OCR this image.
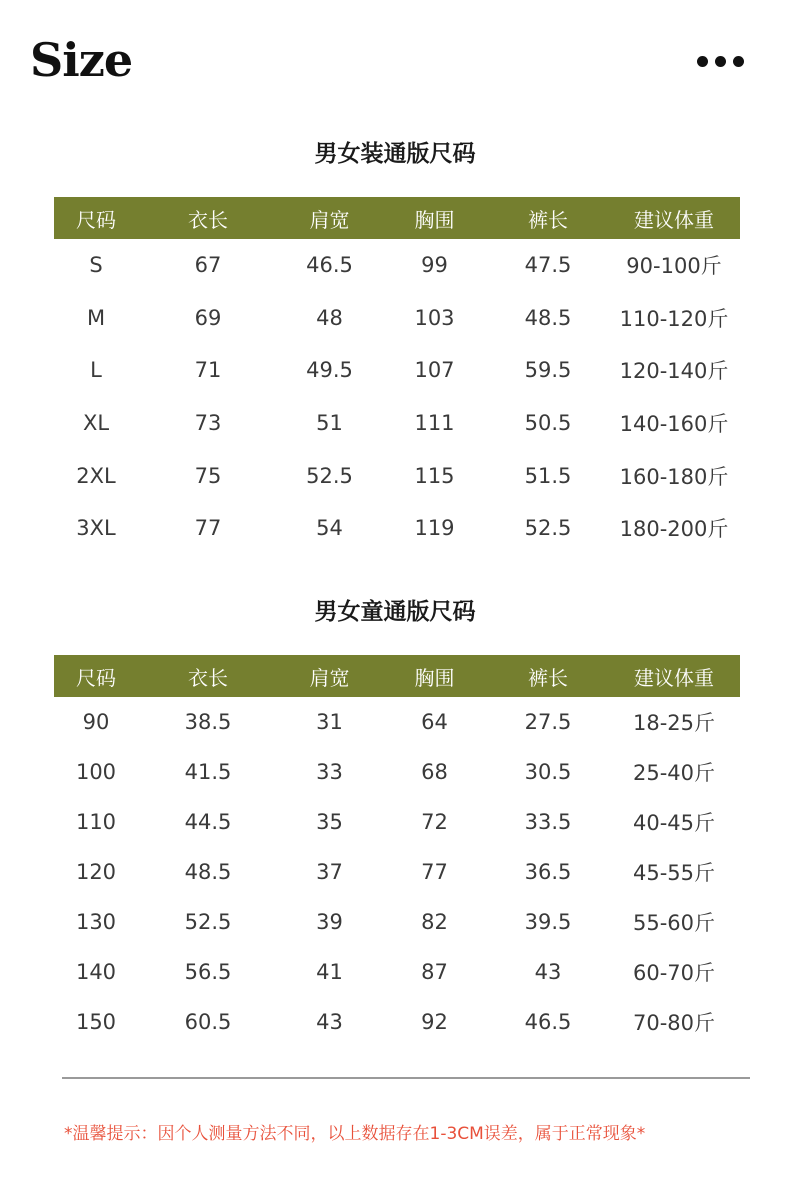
Size
男女装通版尺码
尺码	衣长	肩宽	胸围	裤长	建议体重
S	67	46.5	99	47.5	90-100斤
M	69	48	103	48.5	110-120斤
L	71	49.5	107	59.5	120-140斤
XL	73	51	111	50.5	140-160斤
2XL	75	52.5	115	51.5	160-180斤
3XL	77	54	119	52.5	180-200斤
男女童通版尺码
尺码	衣长	肩宽	胸围	裤长	建议体重
90	38.5	31	64	27.5	18-25斤
100	41.5	33	68	30.5	25-40斤
110	44.5	35	72	33.5	40-45斤
120	48.5	37	77	36.5	45-55斤
130	52.5	39	82	39.5	55-60斤
140	56.5	41	87	43	60-70斤
150	60.5	43	92	46.5	70-80斤
*温馨提示：因个人测量方法不同，以上数据存在1-3CM误差，属于正常现象*
